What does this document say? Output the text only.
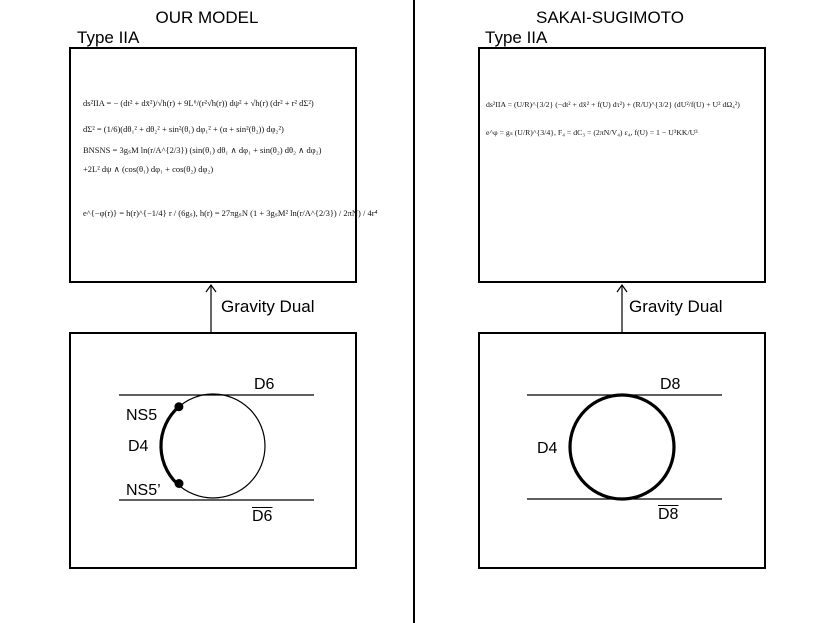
OUR MODEL
Type IIA
ds²IIA = − (dt² + dx̄²)/√h(r) + 9L⁶/(r²√h(r)) dψ² + √h(r) (dr² + r² dΣ²)
dΣ² = (1/6)(dθ₁² + dθ₂² + sin²(θ₁) dφ₁² + (α + sin²(θ₂)) dφ₂²)
BNSNS = 3gₛM ln(r/A^{2/3}) (sin(θ₁) dθ₁ ∧ dφ₁ + sin(θ₂) dθ₂ ∧ dφ₂)
+2L² dψ ∧ (cos(θ₁) dφ₁ + cos(θ₂) dφ₂)
e^{−φ(r)} = h(r)^{−1/4} r / (6gₛ), h(r) = 27πgₛN (1 + 3gₛM² ln(r/A^{2/3}) / 2πN) / 4r⁴
Gravity Dual
D6
NS5
D4
NS5’
D6
SAKAI-SUGIMOTO
Type IIA
ds²IIA = (U/R)^{3/2} (−dt² + dx̄² + f(U) dτ²) + (R/U)^{3/2} (dU²/f(U) + U² dΩ₄²)
e^φ = gₛ (U/R)^{3/4}, F₄ = dC₃ = (2πN/V₄) ε₄, f(U) = 1 − U³KK/U³
Gravity Dual
D8
D4
D8
